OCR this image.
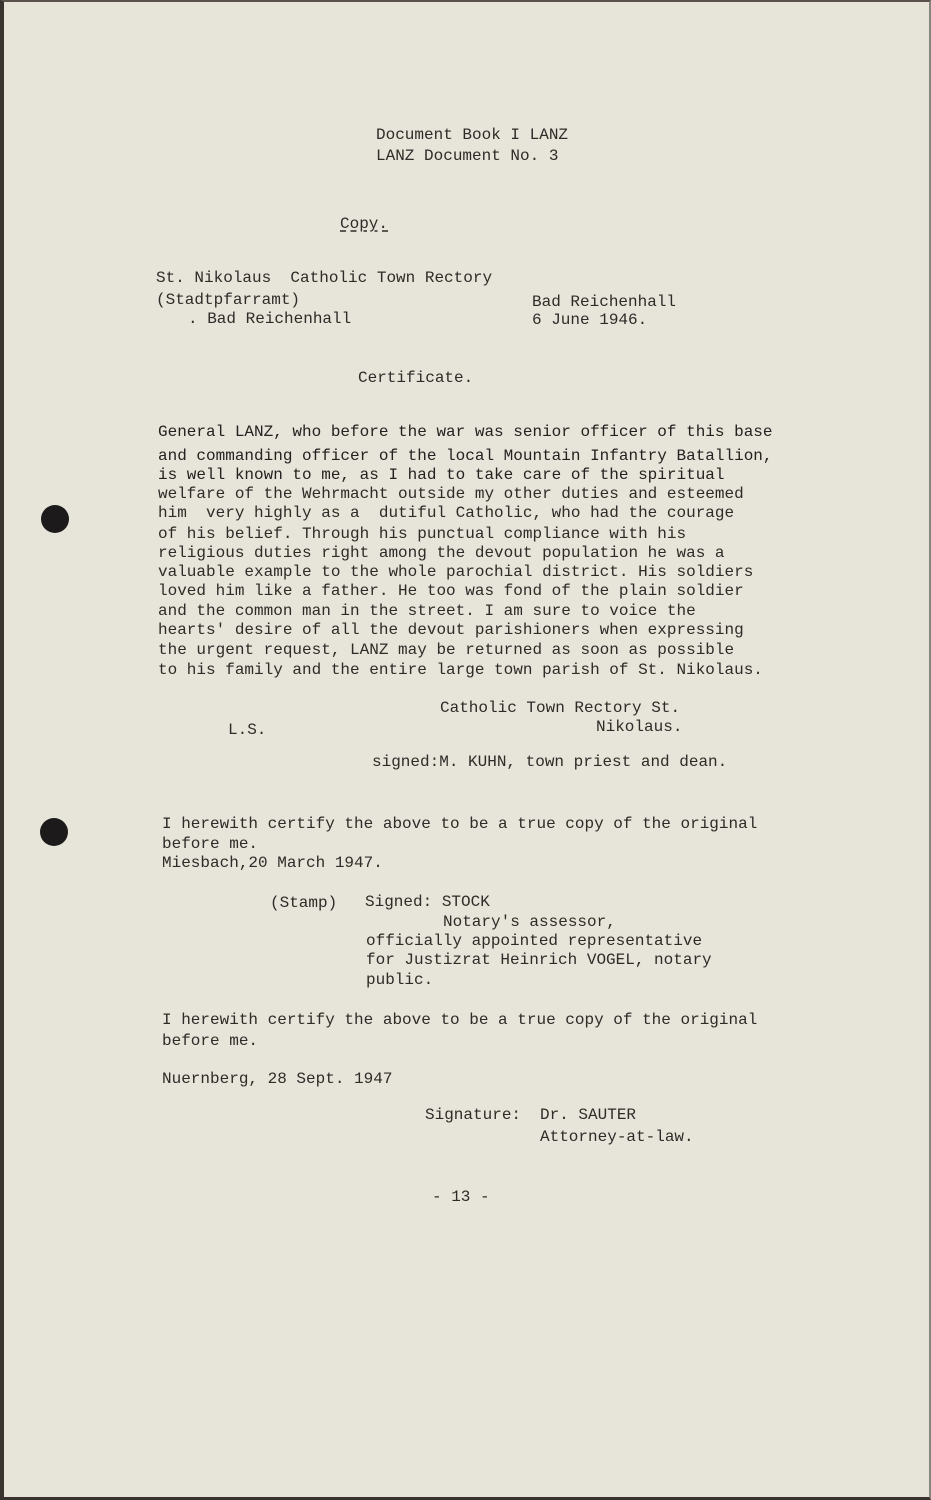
Document Book I LANZ
LANZ Document No. 3
Copy.
St. Nikolaus  Catholic Town Rectory
(Stadtpfarramt)
. Bad Reichenhall
Bad Reichenhall
6 June 1946.
Certificate.
General LANZ, who before the war was senior officer of this base
and commanding officer of the local Mountain Infantry Batallion,
is well known to me, as I had to take care of the spiritual
welfare of the Wehrmacht outside my other duties and esteemed
him  very highly as a  dutiful Catholic, who had the courage
of his belief. Through his punctual compliance with his
religious duties right among the devout population he was a
valuable example to the whole parochial district. His soldiers
loved him like a father. He too was fond of the plain soldier
and the common man in the street. I am sure to voice the
hearts' desire of all the devout parishioners when expressing
the urgent request, LANZ may be returned as soon as possible
to his family and the entire large town parish of St. Nikolaus.
Catholic Town Rectory St.
Nikolaus.
L.S.
signed:M. KUHN, town priest and dean.
I herewith certify the above to be a true copy of the original
before me.
Miesbach,20 March 1947.
(Stamp) Signed: STOCK
Notary's assessor,
officially appointed representative
for Justizrat Heinrich VOGEL, notary
public.
I herewith certify the above to be a true copy of the original
before me.
Nuernberg, 28 Sept. 1947
Signature: Dr. SAUTER
Attorney-at-law.
- 13 -
